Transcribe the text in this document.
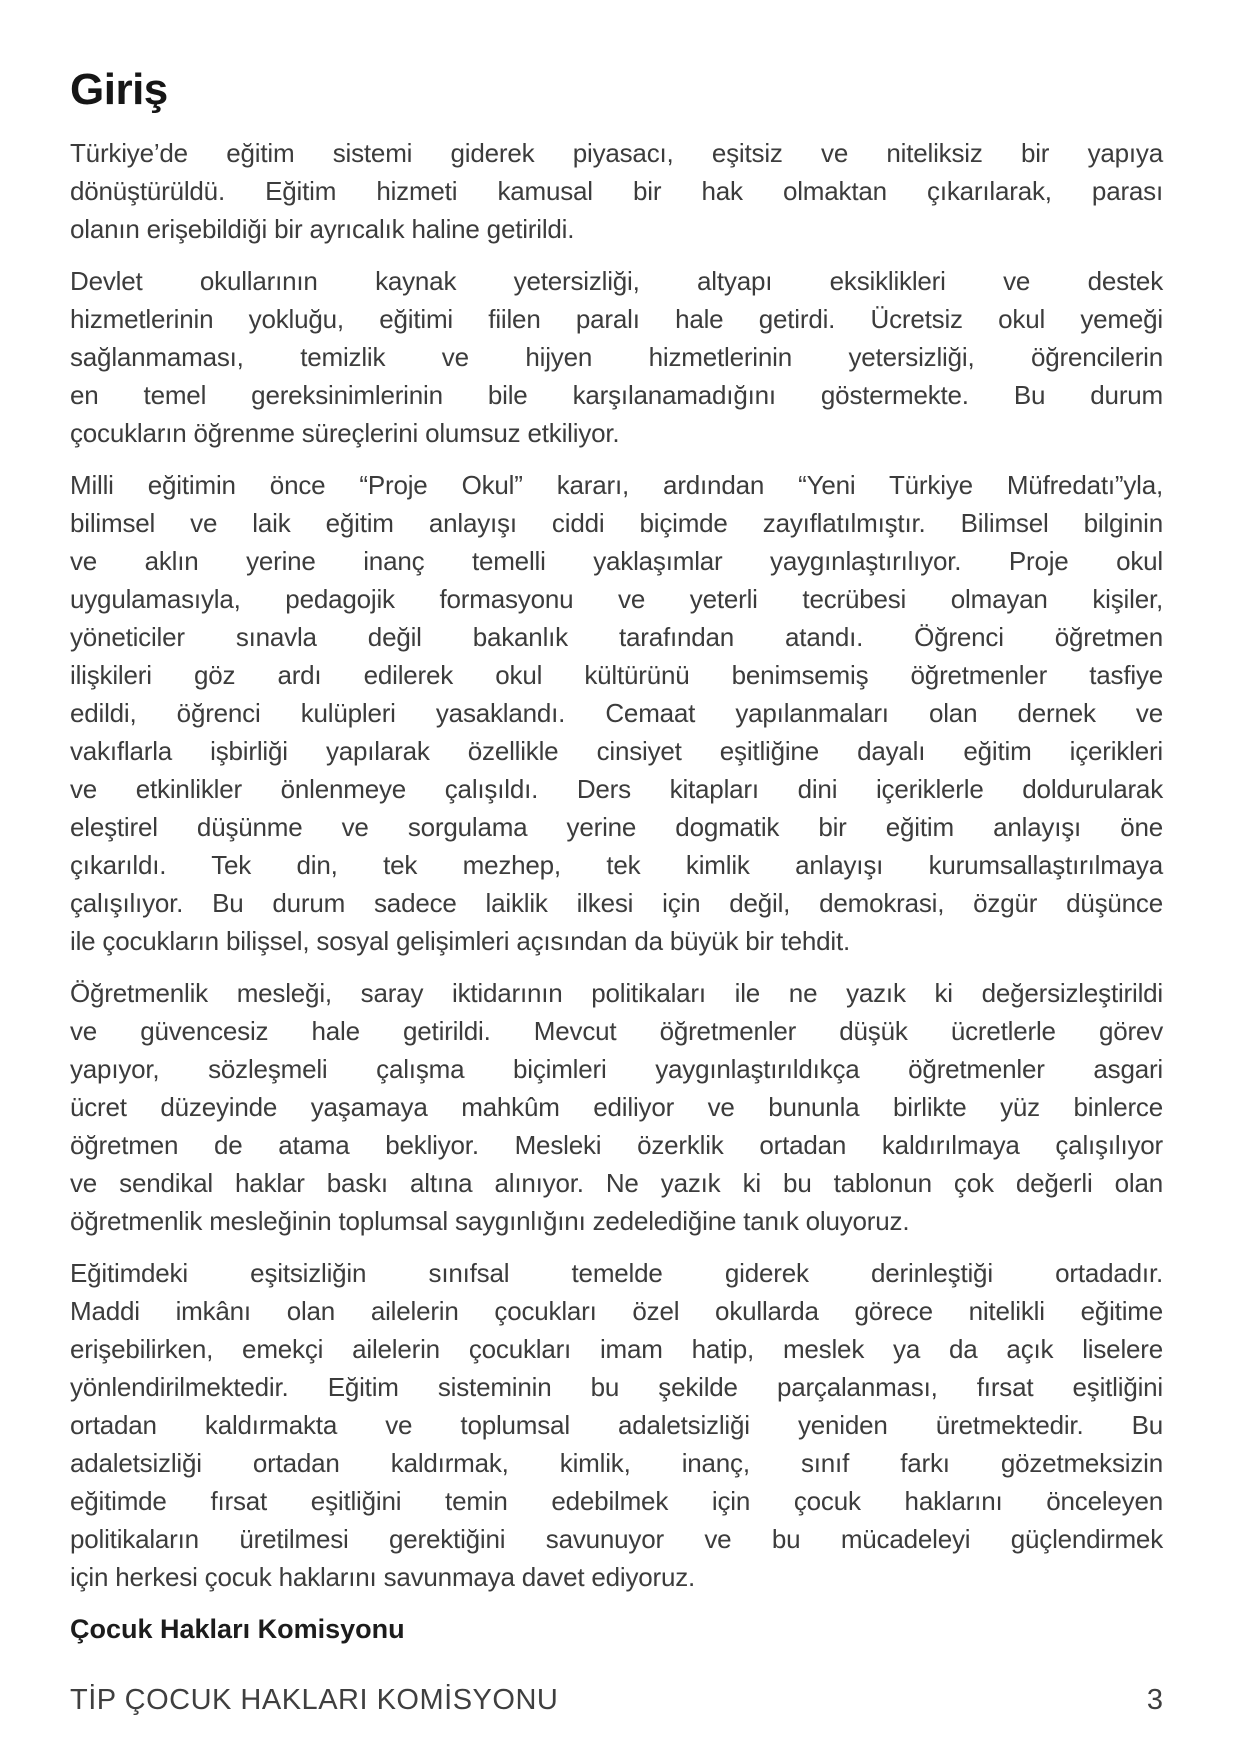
Giriş
Türkiye’de eğitim sistemi giderek piyasacı, eşitsiz ve niteliksiz bir yapıya
dönüştürüldü. Eğitim hizmeti kamusal bir hak olmaktan çıkarılarak, parası
olanın erişebildiği bir ayrıcalık haline getirildi.
Devlet okullarının kaynak yetersizliği, altyapı eksiklikleri ve destek
hizmetlerinin yokluğu, eğitimi fiilen paralı hale getirdi. Ücretsiz okul yemeği
sağlanmaması, temizlik ve hijyen hizmetlerinin yetersizliği, öğrencilerin
en temel gereksinimlerinin bile karşılanamadığını göstermekte. Bu durum
çocukların öğrenme süreçlerini olumsuz etkiliyor.
Milli eğitimin önce “Proje Okul” kararı, ardından “Yeni Türkiye Müfredatı”yla,
bilimsel ve laik eğitim anlayışı ciddi biçimde zayıflatılmıştır. Bilimsel bilginin
ve aklın yerine inanç temelli yaklaşımlar yaygınlaştırılıyor. Proje okul
uygulamasıyla, pedagojik formasyonu ve yeterli tecrübesi olmayan kişiler,
yöneticiler sınavla değil bakanlık tarafından atandı. Öğrenci öğretmen
ilişkileri göz ardı edilerek okul kültürünü benimsemiş öğretmenler tasfiye
edildi, öğrenci kulüpleri yasaklandı. Cemaat yapılanmaları olan dernek ve
vakıflarla işbirliği yapılarak özellikle cinsiyet eşitliğine dayalı eğitim içerikleri
ve etkinlikler önlenmeye çalışıldı. Ders kitapları dini içeriklerle doldurularak
eleştirel düşünme ve sorgulama yerine dogmatik bir eğitim anlayışı öne
çıkarıldı. Tek din, tek mezhep, tek kimlik anlayışı kurumsallaştırılmaya
çalışılıyor. Bu durum sadece laiklik ilkesi için değil, demokrasi, özgür düşünce
ile çocukların bilişsel, sosyal gelişimleri açısından da büyük bir tehdit.
Öğretmenlik mesleği, saray iktidarının politikaları ile ne yazık ki değersizleştirildi
ve güvencesiz hale getirildi. Mevcut öğretmenler düşük ücretlerle görev
yapıyor, sözleşmeli çalışma biçimleri yaygınlaştırıldıkça öğretmenler asgari
ücret düzeyinde yaşamaya mahkûm ediliyor ve bununla birlikte yüz binlerce
öğretmen de atama bekliyor. Mesleki özerklik ortadan kaldırılmaya çalışılıyor
ve sendikal haklar baskı altına alınıyor. Ne yazık ki bu tablonun çok değerli olan
öğretmenlik mesleğinin toplumsal saygınlığını zedelediğine tanık oluyoruz.
Eğitimdeki eşitsizliğin sınıfsal temelde giderek derinleştiği ortadadır.
Maddi imkânı olan ailelerin çocukları özel okullarda görece nitelikli eğitime
erişebilirken, emekçi ailelerin çocukları imam hatip, meslek ya da açık liselere
yönlendirilmektedir. Eğitim sisteminin bu şekilde parçalanması, fırsat eşitliğini
ortadan kaldırmakta ve toplumsal adaletsizliği yeniden üretmektedir. Bu
adaletsizliği ortadan kaldırmak, kimlik, inanç, sınıf farkı gözetmeksizin
eğitimde fırsat eşitliğini temin edebilmek için çocuk haklarını önceleyen
politikaların üretilmesi gerektiğini savunuyor ve bu mücadeleyi güçlendirmek
için herkesi çocuk haklarını savunmaya davet ediyoruz.
Çocuk Hakları Komisyonu
TİP ÇOCUK HAKLARI KOMİSYONU	3
